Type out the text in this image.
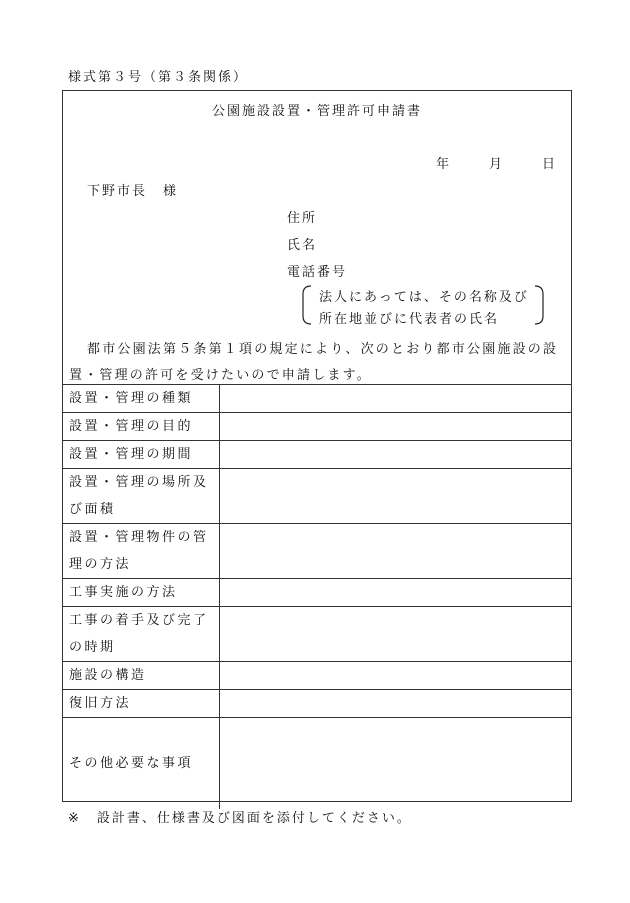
様式第３号（第３条関係）
公園施設設置・管理許可申請書
年	月	日
下野市長 様
住所
氏名
電話番号
法人にあっては、その名称及び
所在地並びに代表者の氏名
都市公園法第５条第１項の規定により、次のとおり都市公園施設の設置・管理の許可を受けたいので申請します。
設置・管理の種類	
設置・管理の目的	
設置・管理の期間	
設置・管理の場所及び面積	
設置・管理物件の管理の方法	
工事実施の方法	
工事の着手及び完了の時期	
施設の構造	
復旧方法	
その他必要な事項	
※ 設計書、仕様書及び図面を添付してください。
